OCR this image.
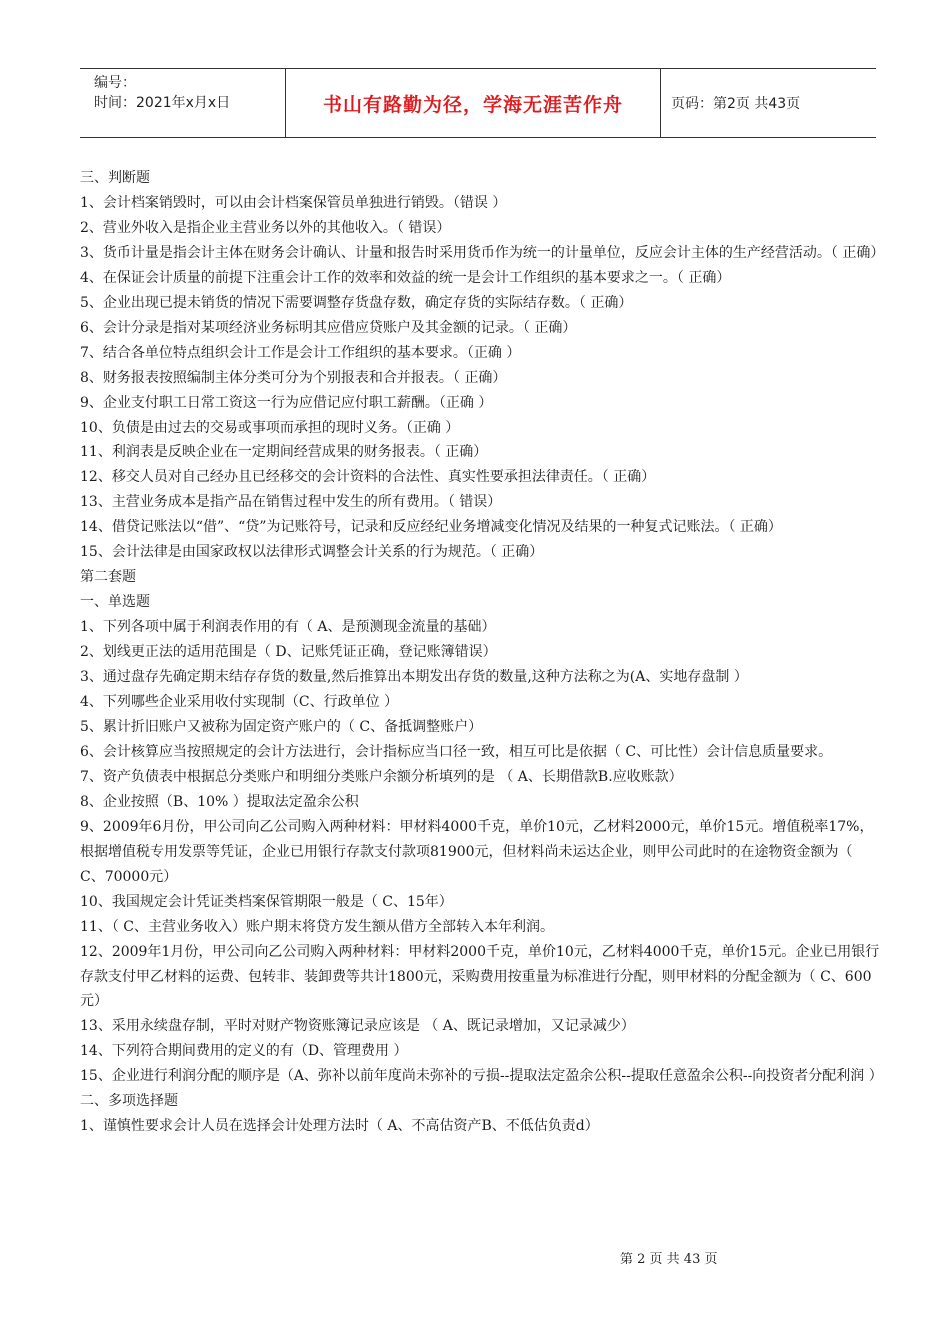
编号：
时间：2021年x月x日	书山有路勤为径，学海无涯苦作舟	页码：第2页 共43页

三、判断题

1、会计档案销毁时，可以由会计档案保管员单独进行销毁。（错误 ）

2、营业外收入是指企业主营业务以外的其他收入。（ 错误）

3、货币计量是指会计主体在财务会计确认、计量和报告时采用货币作为统一的计量单位，反应会计主体的生产经营活动。（ 正确）

4、在保证会计质量的前提下注重会计工作的效率和效益的统一是会计工作组织的基本要求之一。（ 正确）

5、企业出现已提未销货的情况下需要调整存货盘存数，确定存货的实际结存数。（ 正确）

6、会计分录是指对某项经济业务标明其应借应贷账户及其金额的记录。（ 正确）

7、结合各单位特点组织会计工作是会计工作组织的基本要求。（正确 ）

8、财务报表按照编制主体分类可分为个别报表和合并报表。（ 正确）

9、企业支付职工日常工资这一行为应借记应付职工薪酬。（正确 ）

10、负债是由过去的交易或事项而承担的现时义务。（正确 ）

11、利润表是反映企业在一定期间经营成果的财务报表。（ 正确）

12、移交人员对自己经办且已经移交的会计资料的合法性、真实性要承担法律责任。（ 正确）

13、主营业务成本是指产品在销售过程中发生的所有费用。（ 错误）

14、借贷记账法以“借”、“贷”为记账符号，记录和反应经纪业务增减变化情况及结果的一种复式记账法。（ 正确）

15、会计法律是由国家政权以法律形式调整会计关系的行为规范。（ 正确）

第二套题

一、单选题

1、下列各项中属于利润表作用的有（ A、是预测现金流量的基础）

2、划线更正法的适用范围是（ D、记账凭证正确，登记账簿错误）

3、通过盘存先确定期末结存存货的数量,然后推算出本期发出存货的数量,这种方法称之为(A、实地存盘制 ）

4、下列哪些企业采用收付实现制（C、行政单位 ）

5、累计折旧账户又被称为固定资产账户的（ C、备抵调整账户）

6、会计核算应当按照规定的会计方法进行，会计指标应当口径一致，相互可比是依据（ C、可比性）会计信息质量要求。

7、资产负债表中根据总分类账户和明细分类账户余额分析填列的是 （ A、长期借款B.应收账款）

8、企业按照（B、10% ）提取法定盈余公积

9、2009年6月份，甲公司向乙公司购入两种材料：甲材料4000千克，单价10元，乙材料2000元，单价15元。增值税率17%，根据增值税专用发票等凭证，企业已用银行存款支付款项81900元，但材料尚未运达企业，则甲公司此时的在途物资金额为（ C、70000元）

10、我国规定会计凭证类档案保管期限一般是（ C、15年）

11、（ C、主营业务收入）账户期末将贷方发生额从借方全部转入本年利润。

12、2009年1月份，甲公司向乙公司购入两种材料：甲材料2000千克，单价10元，乙材料4000千克，单价15元。企业已用银行存款支付甲乙材料的运费、包转非、装卸费等共计1800元，采购费用按重量为标准进行分配，则甲材料的分配金额为（ C、600元）

13、采用永续盘存制，平时对财产物资账簿记录应该是 （ A、既记录增加，又记录减少）

14、下列符合期间费用的定义的有（D、管理费用 ）

15、企业进行利润分配的顺序是（A、弥补以前年度尚未弥补的亏损--提取法定盈余公积--提取任意盈余公积--向投资者分配利润 ）

二、多项选择题

1、谨慎性要求会计人员在选择会计处理方法时（ A、不高估资产B、不低估负责d）

第 2 页 共 43 页
